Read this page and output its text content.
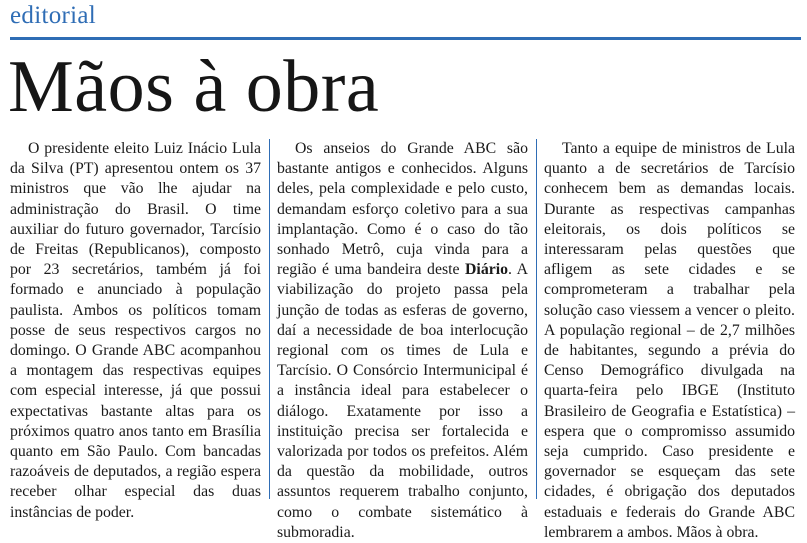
editorial
Mãos à obra

O presidente eleito Luiz Inácio Lula da Silva (PT) apresentou ontem os 37 ministros que vão lhe ajudar na administração do Brasil. O time auxiliar do futuro governador, Tarcísio de Freitas (Republicanos), composto por 23 secretários, também já foi formado e anunciado à população paulista. Ambos os políticos tomam posse de seus respectivos cargos no domingo. O Grande ABC acompanhou a montagem das respectivas equipes com especial interesse, já que possui expectativas bastante altas para os próximos quatro anos tanto em Brasília quanto em São Paulo. Com bancadas razoáveis de deputados, a região espera receber olhar especial das duas instâncias de poder.

Os anseios do Grande ABC são bastante antigos e conhecidos. Alguns deles, pela complexidade e pelo custo, demandam esforço coletivo para a sua implantação. Como é o caso do tão sonhado Metrô, cuja vinda para a região é uma bandeira deste Diário. A viabilização do projeto passa pela junção de todas as esferas de governo, daí a necessidade de boa interlocução regional com os times de Lula e Tarcísio. O Consórcio Intermunicipal é a instância ideal para estabelecer o diálogo. Exatamente por isso a instituição precisa ser fortalecida e valorizada por todos os prefeitos. Além da questão da mobilidade, outros assuntos requerem trabalho conjunto, como o combate sistemático à submoradia.

Tanto a equipe de ministros de Lula quanto a de secretários de Tarcísio conhecem bem as demandas locais. Durante as respectivas campanhas eleitorais, os dois políticos se interessaram pelas questões que afligem as sete cidades e se comprometeram a trabalhar pela solução caso viessem a vencer o pleito. A população regional – de 2,7 milhões de habitantes, segundo a prévia do Censo Demográfico divulgada na quarta-feira pelo IBGE (Instituto Brasileiro de Geografia e Estatística) – espera que o compromisso assumido seja cumprido. Caso presidente e governador se esqueçam das sete cidades, é obrigação dos deputados estaduais e federais do Grande ABC lembrarem a ambos. Mãos à obra.
